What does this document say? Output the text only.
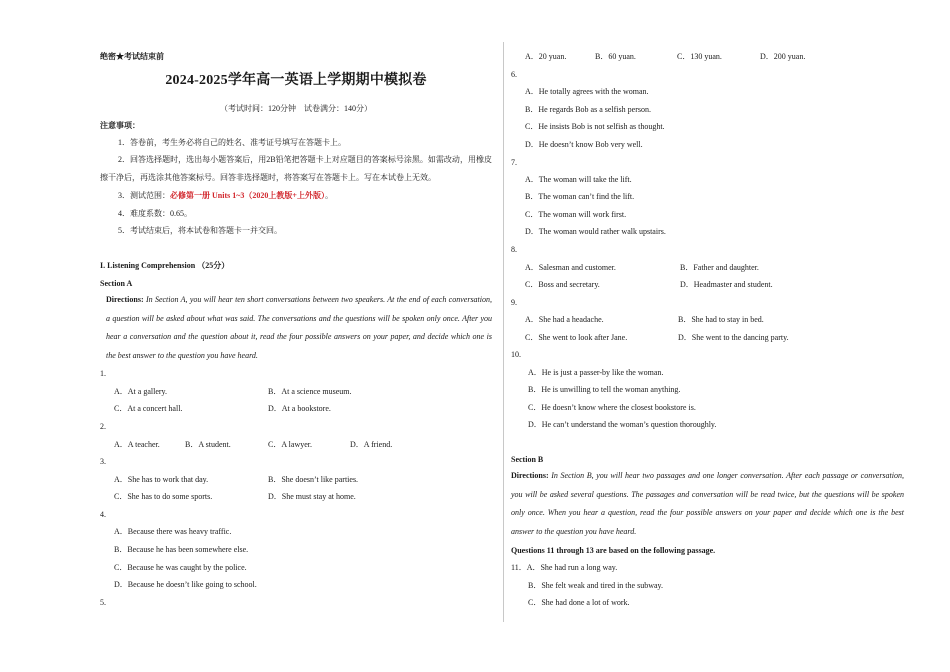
绝密★考试结束前
2024-2025学年高一英语上学期期中模拟卷
（考试时间：120分钟　试卷满分：140分）
注意事项：
1．答卷前，考生务必将自己的姓名、准考证号填写在答题卡上。
2．回答选择题时，选出每小题答案后，用2B铅笔把答题卡上对应题目的答案标号涂黑。如需改动，用橡皮擦干净后，再选涂其他答案标号。回答非选择题时，将答案写在答题卡上。写在本试卷上无效。
3．测试范围：必修第一册 Units 1~3（2020上教版+上外版）。
4．难度系数：0.65。
5．考试结束后，将本试卷和答题卡一并交回。
I. Listening Comprehension （25分）
Section A
Directions: In Section A, you will hear ten short conversations between two speakers. At the end of each conversation, a question will be asked about what was said. The conversations and the questions will be spoken only once. After you hear a conversation and the question about it, read the four possible answers on your paper, and decide which one is the best answer to the question you have heard.
1.
A．At a gallery.	B．At a science museum.
C．At a concert hall.	D．At a bookstore.
2.
A．A teacher.	B．A student.	C．A lawyer.	D．A friend.
3.
A．She has to work that day.	B．She doesn’t like parties.
C．She has to do some sports.	D．She must stay at home.
4.
A．Because there was heavy traffic.
B．Because he has been somewhere else.
C．Because he was caught by the police.
D．Because he doesn’t like going to school.
5.
A．20 yuan.	B．60 yuan.	C．130 yuan.	D．200 yuan.
6.
A．He totally agrees with the woman.
B．He regards Bob as a selfish person.
C．He insists Bob is not selfish as thought.
D．He doesn’t know Bob very well.
7.
A．The woman will take the lift.
B．The woman can’t find the lift.
C．The woman will work first.
D．The woman would rather walk upstairs.
8.
A．Salesman and customer.	B．Father and daughter.
C．Boss and secretary.	D．Headmaster and student.
9.
A．She had a headache.	B．She had to stay in bed.
C．She went to look after Jane.	D．She went to the dancing party.
10.
A．He is just a passer-by like the woman.
B．He is unwilling to tell the woman anything.
C．He doesn’t know where the closest bookstore is.
D．He can’t understand the woman’s question thoroughly.
Section B
Directions: In Section B, you will hear two passages and one longer conversation. After each passage or conversation, you will be asked several questions. The passages and conversation will be read twice, but the questions will be spoken only once. When you hear a question, read the four possible answers on your paper and decide which one is the best answer to the question you have heard.
Questions 11 through 13 are based on the following passage.
11．A．She had run a long way.
B．She felt weak and tired in the subway.
C．She had done a lot of work.
